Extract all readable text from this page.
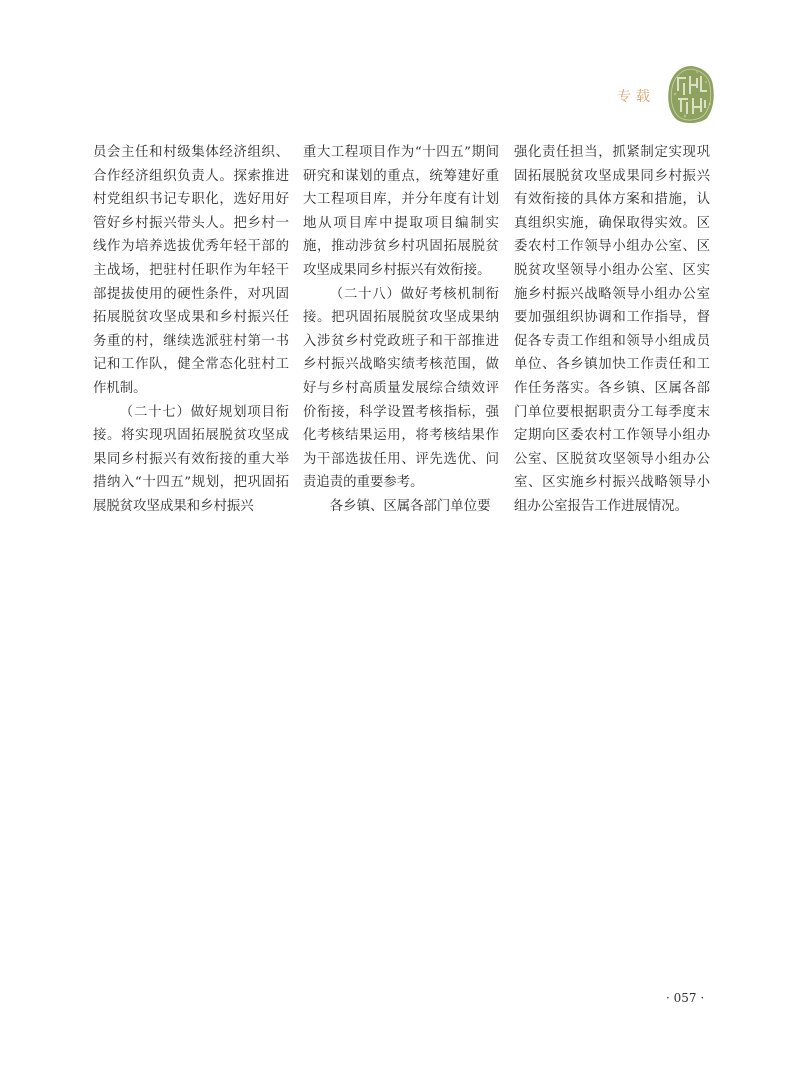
专载

员会主任和村级集体经济组织、合作经济组织负责人。探索推进村党组织书记专职化，选好用好管好乡村振兴带头人。把乡村一线作为培养选拔优秀年轻干部的主战场，把驻村任职作为年轻干部提拔使用的硬性条件，对巩固拓展脱贫攻坚成果和乡村振兴任务重的村，继续选派驻村第一书记和工作队，健全常态化驻村工作机制。

（二十七）做好规划项目衔接。将实现巩固拓展脱贫攻坚成果同乡村振兴有效衔接的重大举措纳入“十四五”规划，把巩固拓展脱贫攻坚成果和乡村振兴

重大工程项目作为“十四五”期间研究和谋划的重点，统筹建好重大工程项目库，并分年度有计划地从项目库中提取项目编制实施，推动涉贫乡村巩固拓展脱贫攻坚成果同乡村振兴有效衔接。

（二十八）做好考核机制衔接。把巩固拓展脱贫攻坚成果纳入涉贫乡村党政班子和干部推进乡村振兴战略实绩考核范围，做好与乡村高质量发展综合绩效评价衔接，科学设置考核指标，强化考核结果运用，将考核结果作为干部选拔任用、评先选优、问责追责的重要参考。

各乡镇、区属各部门单位要

强化责任担当，抓紧制定实现巩固拓展脱贫攻坚成果同乡村振兴有效衔接的具体方案和措施，认真组织实施，确保取得实效。区委农村工作领导小组办公室、区脱贫攻坚领导小组办公室、区实施乡村振兴战略领导小组办公室要加强组织协调和工作指导，督促各专责工作组和领导小组成员单位、各乡镇加快工作责任和工作任务落实。各乡镇、区属各部门单位要根据职责分工每季度末定期向区委农村工作领导小组办公室、区脱贫攻坚领导小组办公室、区实施乡村振兴战略领导小组办公室报告工作进展情况。

· 057 ·
